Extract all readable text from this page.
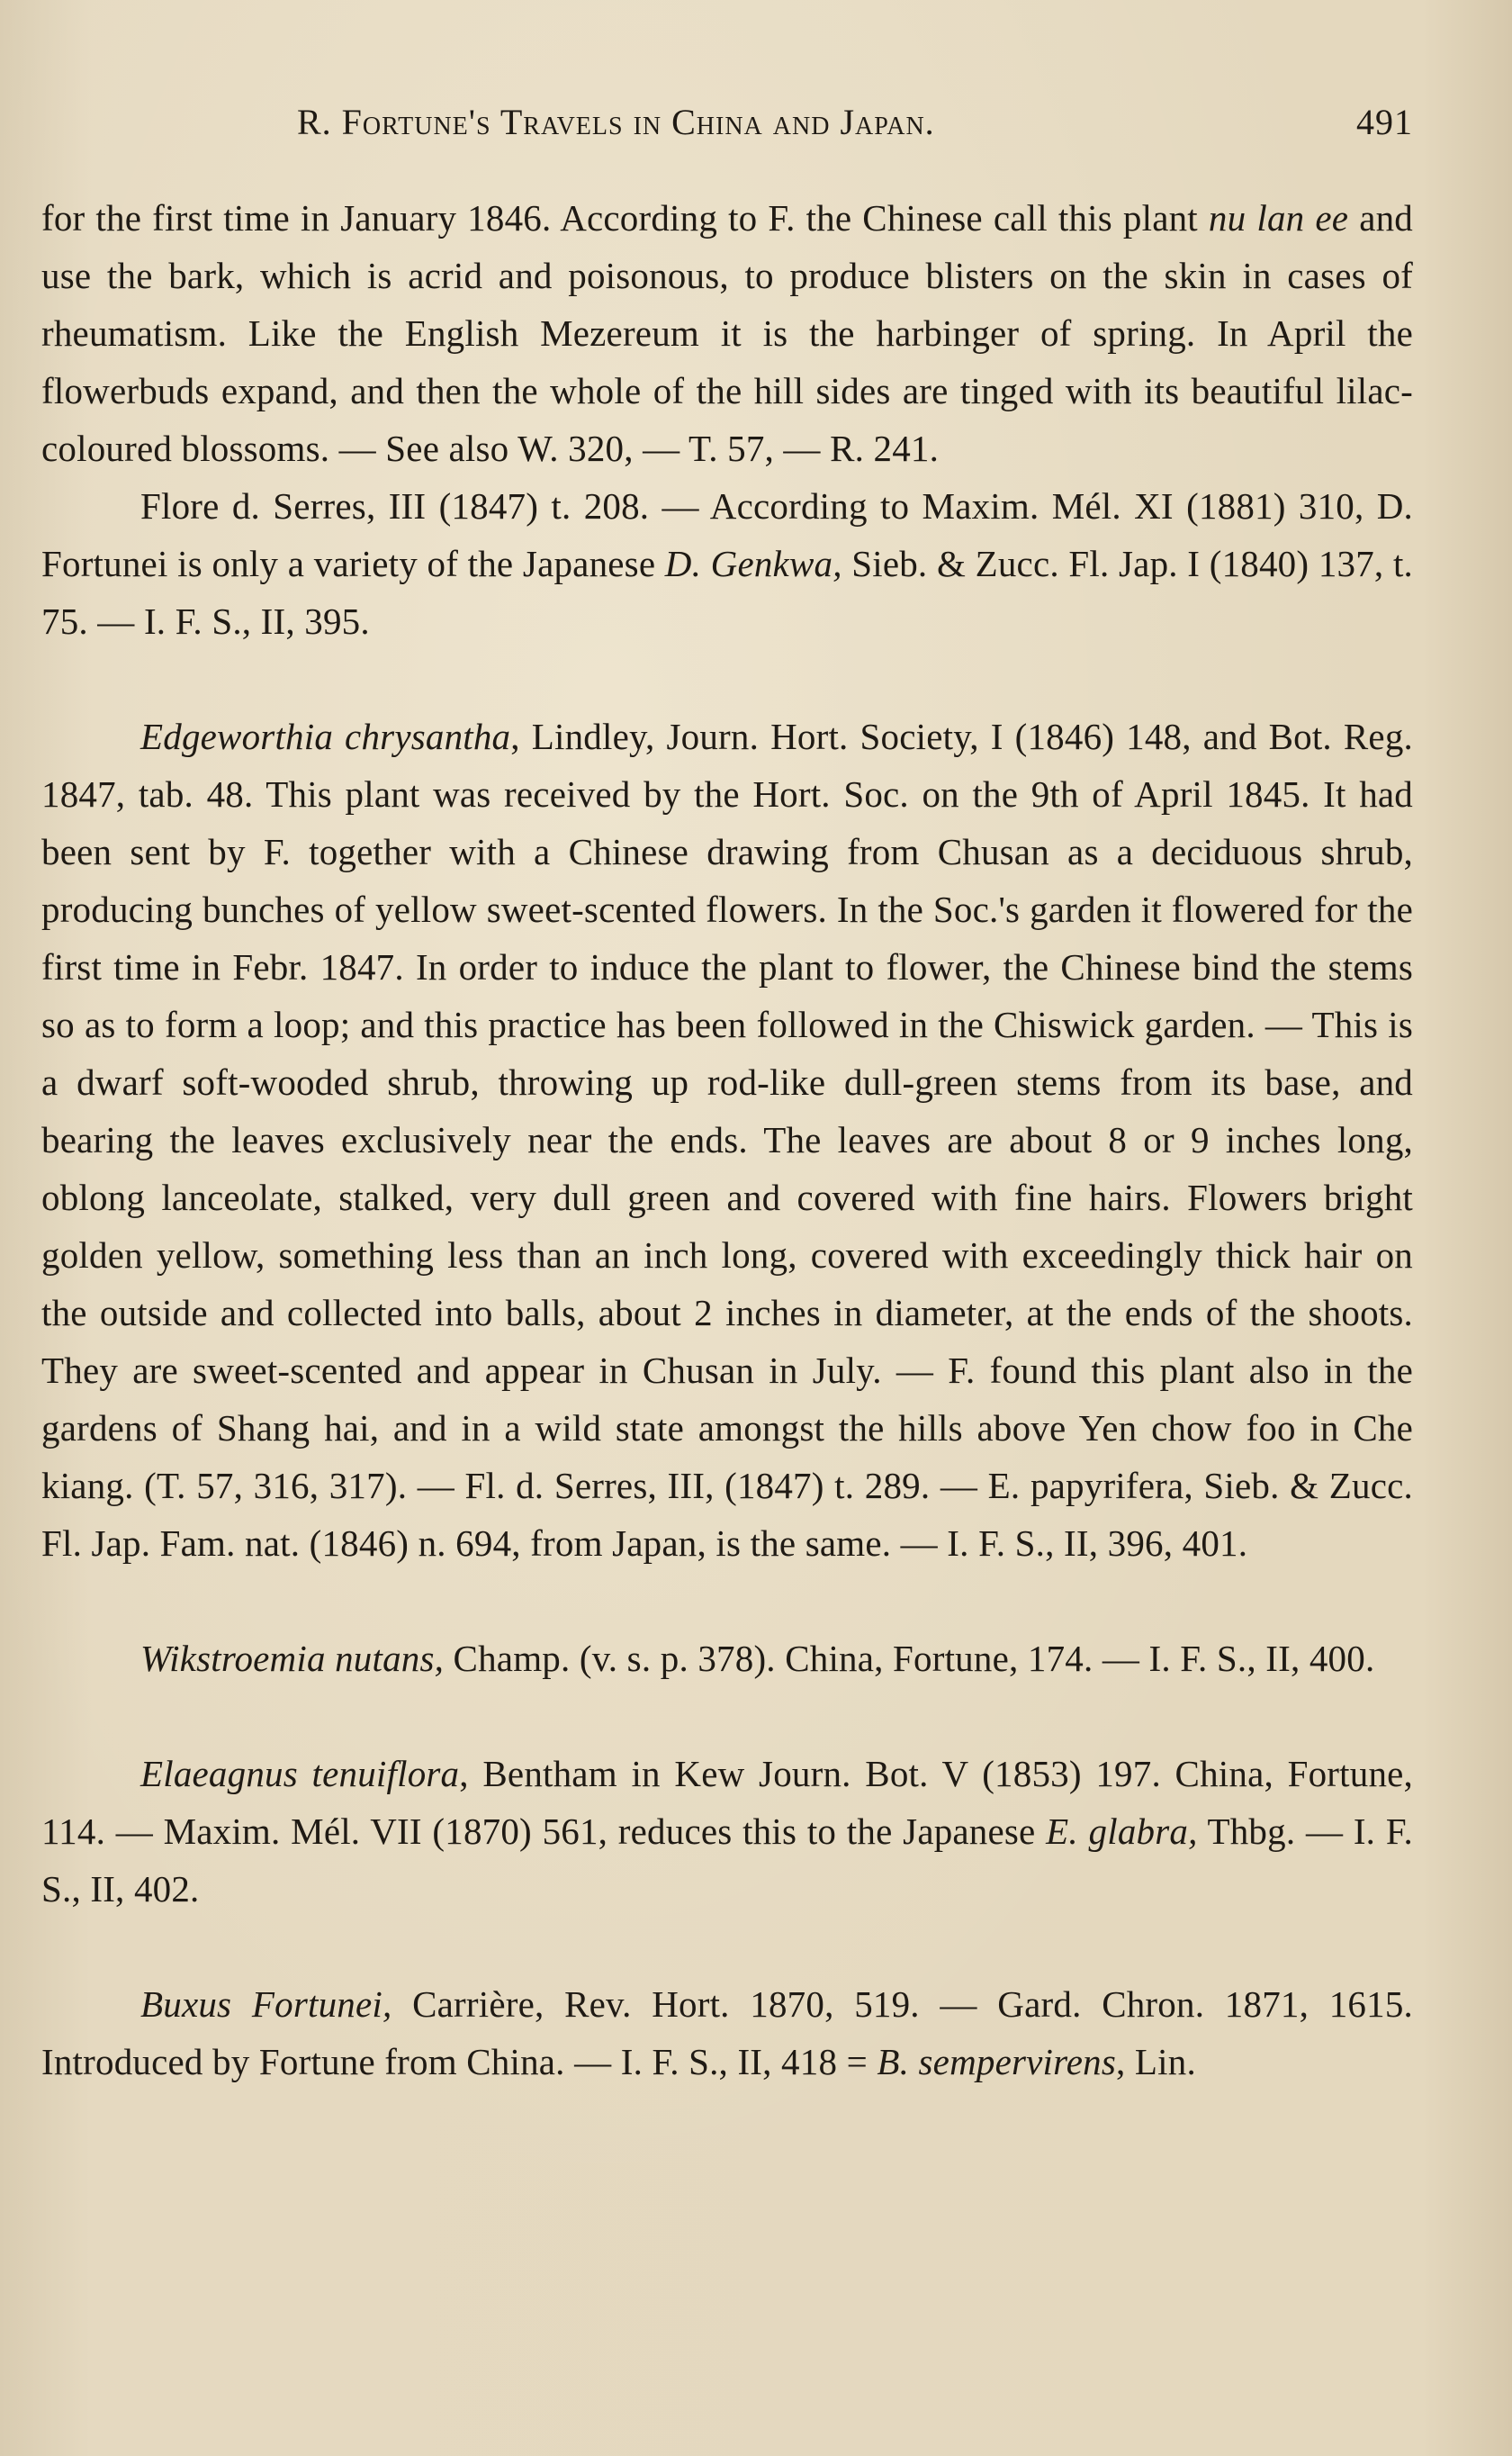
R. Fortune's Travels in China and Japan.	491

for the first time in January 1846. According to F. the Chinese call this plant nu lan ee and use the bark, which is acrid and poisonous, to produce blisters on the skin in cases of rheumatism. Like the English Mezereum it is the harbinger of spring. In April the flowerbuds expand, and then the whole of the hill sides are tinged with its beautiful lilac-coloured blossoms. — See also W. 320, — T. 57, — R. 241.

Flore d. Serres, III (1847) t. 208. — According to Maxim. Mél. XI (1881) 310, D. Fortunei is only a variety of the Japanese D. Genkwa, Sieb. & Zucc. Fl. Jap. I (1840) 137, t. 75. — I. F. S., II, 395.

Edgeworthia chrysantha, Lindley, Journ. Hort. Society, I (1846) 148, and Bot. Reg. 1847, tab. 48. This plant was received by the Hort. Soc. on the 9th of April 1845. It had been sent by F. together with a Chinese drawing from Chusan as a deciduous shrub, producing bunches of yellow sweet-scented flowers. In the Soc.'s garden it flowered for the first time in Febr. 1847. In order to induce the plant to flower, the Chinese bind the stems so as to form a loop; and this practice has been followed in the Chiswick garden. — This is a dwarf soft-wooded shrub, throwing up rod-like dull-green stems from its base, and bearing the leaves exclusively near the ends. The leaves are about 8 or 9 inches long, oblong lanceolate, stalked, very dull green and covered with fine hairs. Flowers bright golden yellow, something less than an inch long, covered with exceedingly thick hair on the outside and collected into balls, about 2 inches in diameter, at the ends of the shoots. They are sweet-scented and appear in Chusan in July. — F. found this plant also in the gardens of Shang hai, and in a wild state amongst the hills above Yen chow foo in Che kiang. (T. 57, 316, 317). — Fl. d. Serres, III, (1847) t. 289. — E. papyrifera, Sieb. & Zucc. Fl. Jap. Fam. nat. (1846) n. 694, from Japan, is the same. — I. F. S., II, 396, 401.

Wikstroemia nutans, Champ. (v. s. p. 378). China, Fortune, 174. — I. F. S., II, 400.

Elaeagnus tenuiflora, Bentham in Kew Journ. Bot. V (1853) 197. China, Fortune, 114. — Maxim. Mél. VII (1870) 561, reduces this to the Japanese E. glabra, Thbg. — I. F. S., II, 402.

Buxus Fortunei, Carrière, Rev. Hort. 1870, 519. — Gard. Chron. 1871, 1615. Introduced by Fortune from China. — I. F. S., II, 418 = B. sempervirens, Lin.
